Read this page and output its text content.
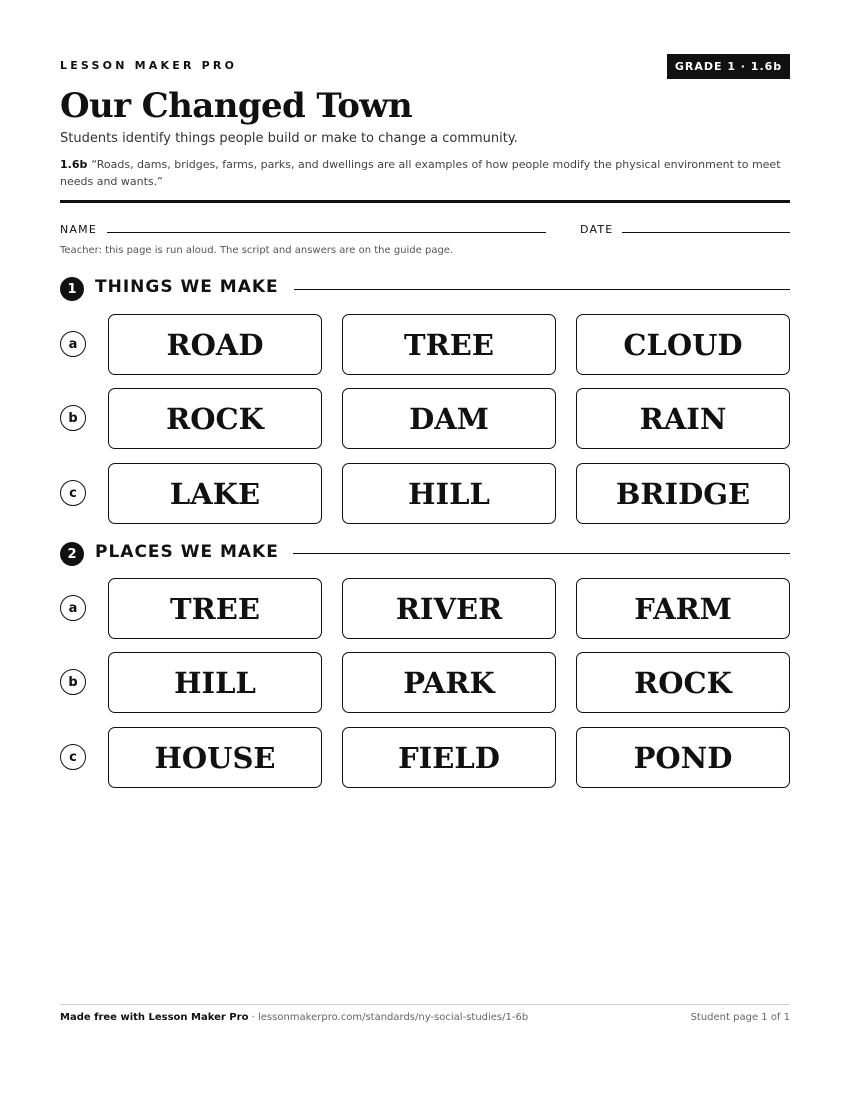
LESSON MAKER PRO	GRADE 1 · 1.6b
Our Changed Town
Students identify things people build or make to change a community.
1.6b “Roads, dams, bridges, farms, parks, and dwellings are all examples of how people modify the physical environment to meet needs and wants.”
NAME	DATE
Teacher: this page is run aloud. The script and answers are on the guide page.
1	THINGS WE MAKE
a	ROAD	TREE	CLOUD
b	ROCK	DAM	RAIN
c	LAKE	HILL	BRIDGE
2	PLACES WE MAKE
a	TREE	RIVER	FARM
b	HILL	PARK	ROCK
c	HOUSE	FIELD	POND
Made free with Lesson Maker Pro · lessonmakerpro.com/standards/ny-social-studies/1-6b	Student page 1 of 1
